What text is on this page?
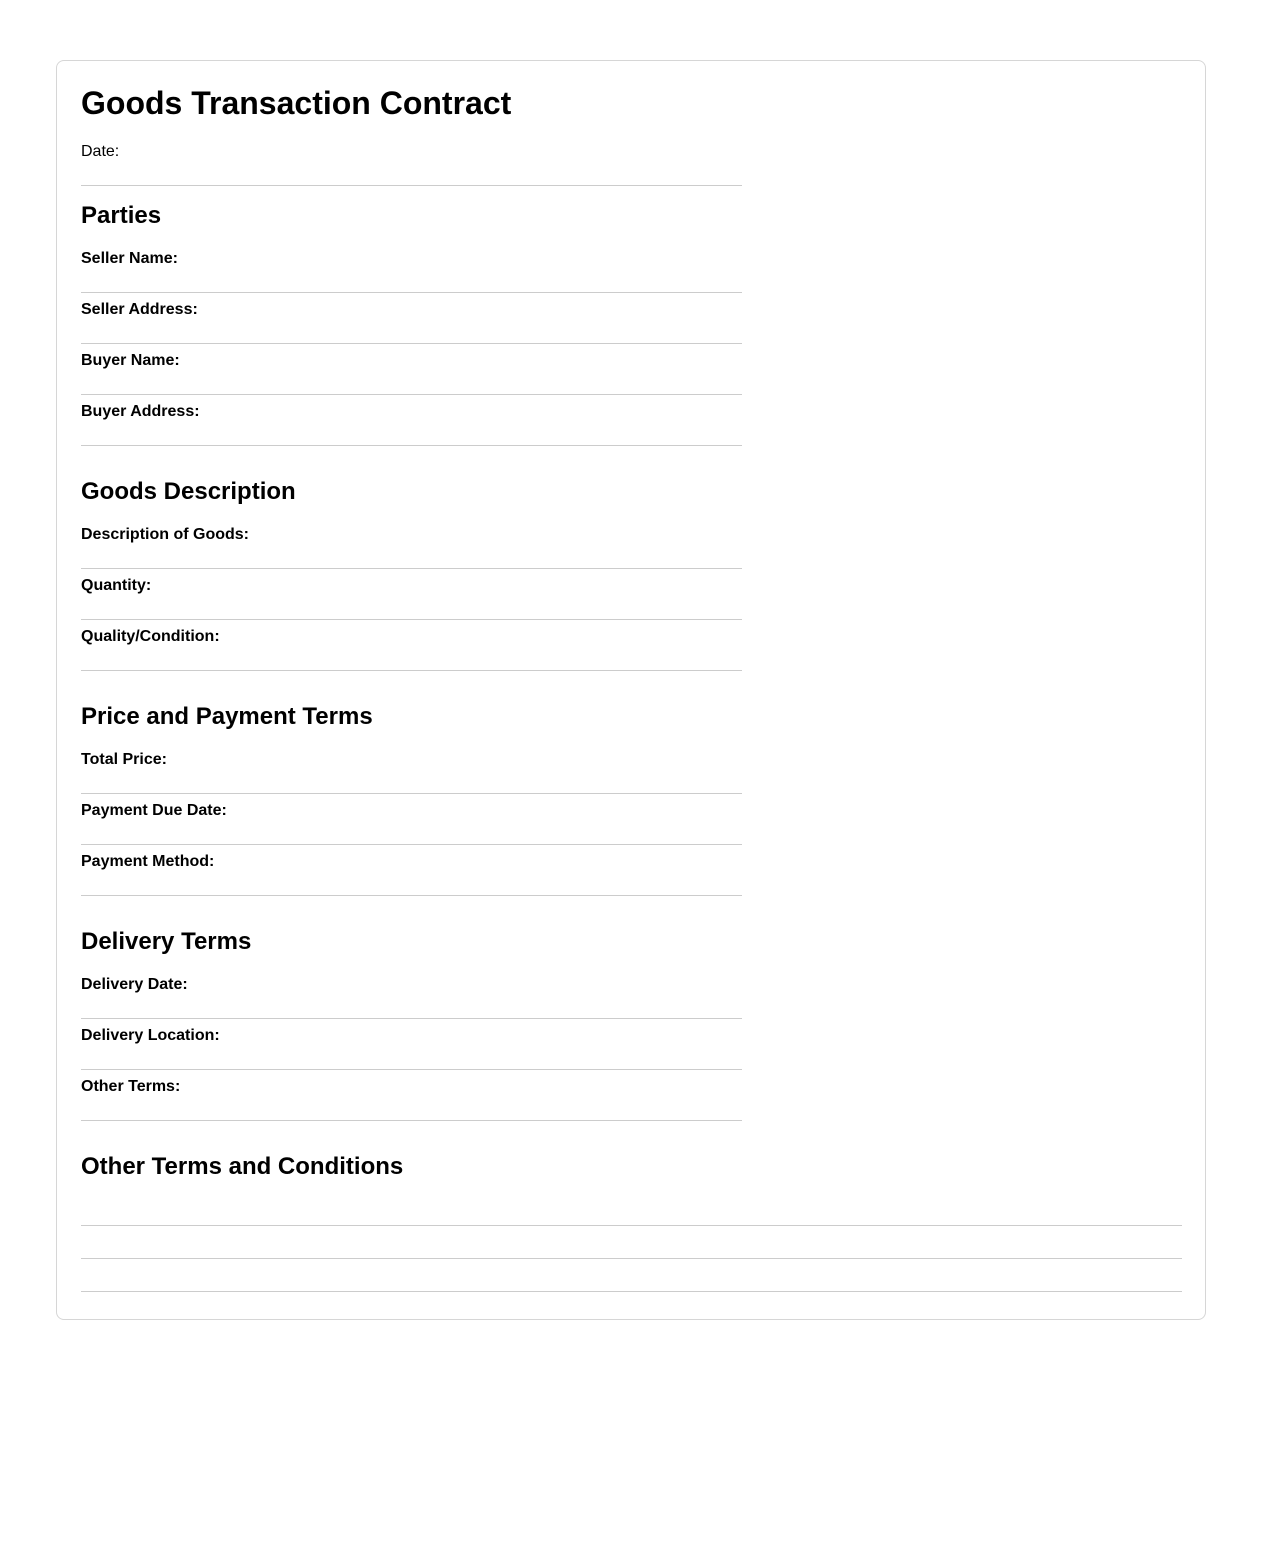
Goods Transaction Contract
Date:
Parties
Seller Name:
Seller Address:
Buyer Name:
Buyer Address:
Goods Description
Description of Goods:
Quantity:
Quality/Condition:
Price and Payment Terms
Total Price:
Payment Due Date:
Payment Method:
Delivery Terms
Delivery Date:
Delivery Location:
Other Terms:
Other Terms and Conditions
